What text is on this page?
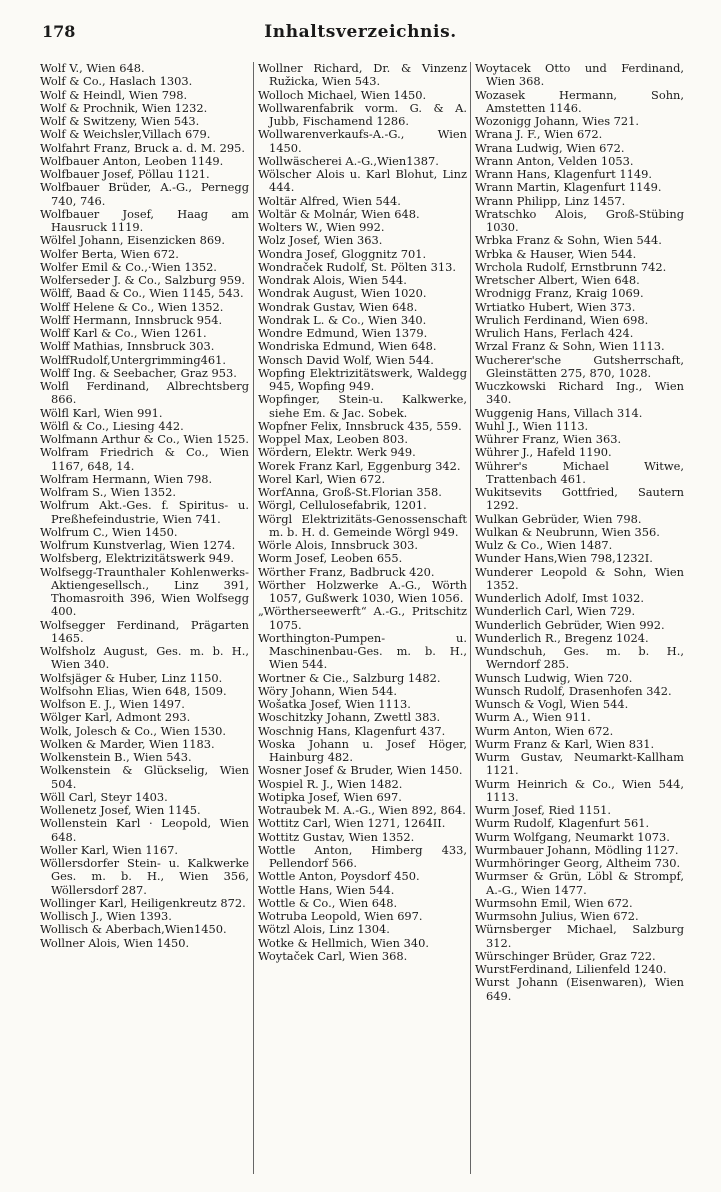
178	Inhaltsverzeichnis.
Wolf V., Wien 648.
Wolf & Co., Haslach 1303.
Wolf & Heindl, Wien 798.
Wolf & Prochnik, Wien 1232.
Wolf & Switzeny, Wien 543.
Wolf & Weichsler,Villach 679.
Wolfahrt Franz, Bruck a. d. M. 295.
Wolfbauer Anton, Leoben 1149.
Wolfbauer Josef, Pöllau 1121.
Wolfbauer Brüder, A.-G., Pernegg 740, 746.
Wolfbauer Josef, Haag am Hausruck 1119.
Wölfel Johann, Eisenzicken 869.
Wolfer Berta, Wien 672.
Wolfer Emil & Co.,·Wien 1352.
Wolferseder J. & Co., Salzburg 959.
Wölff, Baad & Co., Wien 1145, 543.
Wolff Helene & Co., Wien 1352.
Wolff Hermann, Innsbruck 954.
Wolff Karl & Co., Wien 1261.
Wolff Mathias, Innsbruck 303.
WolffRudolf,Untergrimming461.
Wolff Ing. & Seebacher, Graz 953.
Wolfl Ferdinand, Albrechtsberg 866.
Wölfl Karl, Wien 991.
Wölfl & Co., Liesing 442.
Wolfmann Arthur & Co., Wien 1525.
Wolfram Friedrich & Co., Wien 1167, 648, 14.
Wolfram Hermann, Wien 798.
Wolfram S., Wien 1352.
Wolfrum Akt.-Ges. f. Spiritus- u. Preßhefeindustrie, Wien 741.
Wolfrum C., Wien 1450.
Wolfrum Kunstverlag, Wien 1274.
Wolfsberg, Elektrizitätswerk 949.
Wolfsegg-Traunthaler Kohlenwerks-Aktiengesellsch., Linz 391, Thomasroith 396, Wien Wolfsegg 400.
Wolfsegger Ferdinand, Prägarten 1465.
Wolfsholz August, Ges. m. b. H., Wien 340.
Wolfsjäger & Huber, Linz 1150.
Wolfsohn Elias, Wien 648, 1509.
Wolfson E. J., Wien 1497.
Wölger Karl, Admont 293.
Wolk, Jolesch & Co., Wien 1530.
Wolken & Marder, Wien 1183.
Wolkenstein B., Wien 543.
Wolkenstein & Glückselig, Wien 504.
Wöll Carl, Steyr 1403.
Wollenetz Josef, Wien 1145.
Wollenstein Karl · Leopold, Wien 648.
Woller Karl, Wien 1167.
Wöllersdorfer Stein- u. Kalkwerke Ges. m. b. H., Wien 356, Wöllersdorf 287.
Wollinger Karl, Heiligenkreutz 872.
Wollisch J., Wien 1393.
Wollisch & Aberbach,Wien1450.
Wollner Alois, Wien 1450.
Wollner Richard, Dr. & Vinzenz Ružicka, Wien 543.
Wolloch Michael, Wien 1450.
Wollwarenfabrik vorm. G. & A. Jubb, Fischamend 1286.
Wollwarenverkaufs-A.-G., Wien 1450.
Wollwäscherei A.-G.,Wien1387.
Wölscher Alois u. Karl Blohut, Linz 444.
Woltär Alfred, Wien 544.
Woltär & Molnár, Wien 648.
Wolters W., Wien 992.
Wolz Josef, Wien 363.
Wondra Josef, Gloggnitz 701.
Wondraček Rudolf, St. Pölten 313.
Wondrak Alois, Wien 544.
Wondrak August, Wien 1020.
Wondrak Gustav, Wien 648.
Wondrak L. & Co., Wien 340.
Wondre Edmund, Wien 1379.
Wondriska Edmund, Wien 648.
Wonsch David Wolf, Wien 544.
Wopfing Elektrizitätswerk, Waldegg 945, Wopfing 949.
Wopfinger, Stein-u. Kalkwerke, siehe Em. & Jac. Sobek.
Wopfner Felix, Innsbruck 435, 559.
Woppel Max, Leoben 803.
Wördern, Elektr. Werk 949.
Worek Franz Karl, Eggenburg 342.
Worel Karl, Wien 672.
WorfAnna, Groß-St.Florian 358.
Wörgl, Cellulosefabrik, 1201.
Wörgl Elektrizitäts-Genossenschaft m. b. H. d. Gemeinde Wörgl 949.
Wörle Alois, Innsbruck 303.
Worm Josef, Leoben 655.
Wörther Franz, Badbruck 420.
Wörther Holzwerke A.-G., Wörth 1057, Gußwerk 1030, Wien 1056.
„Wörtherseewerft“ A.-G., Pritschitz 1075.
Worthington-Pumpen- u. Maschinenbau-Ges. m. b. H., Wien 544.
Wortner & Cie., Salzburg 1482.
Wöry Johann, Wien 544.
Wošatka Josef, Wien 1113.
Woschitzky Johann, Zwettl 383.
Woschnig Hans, Klagenfurt 437.
Woska Johann u. Josef Höger, Hainburg 482.
Wosner Josef & Bruder, Wien 1450.
Wospiel R. J., Wien 1482.
Wotipka Josef, Wien 697.
Wotraubek M. A.-G., Wien 892, 864.
Wottitz Carl, Wien 1271, 1264II.
Wottitz Gustav, Wien 1352.
Wottle Anton, Himberg 433, Pellendorf 566.
Wottle Anton, Poysdorf 450.
Wottle Hans, Wien 544.
Wottle & Co., Wien 648.
Wotruba Leopold, Wien 697.
Wötzl Alois, Linz 1304.
Wotke & Hellmich, Wien 340.
Woytaček Carl, Wien 368.
Woytacek Otto und Ferdinand, Wien 368.
Wozasek Hermann, Sohn, Amstetten 1146.
Wozonigg Johann, Wies 721.
Wrana J. F., Wien 672.
Wrana Ludwig, Wien 672.
Wrann Anton, Velden 1053.
Wrann Hans, Klagenfurt 1149.
Wrann Martin, Klagenfurt 1149.
Wrann Philipp, Linz 1457.
Wratschko Alois, Groß-Stübing 1030.
Wrbka Franz & Sohn, Wien 544.
Wrbka & Hauser, Wien 544.
Wrchola Rudolf, Ernstbrunn 742.
Wretscher Albert, Wien 648.
Wrodnigg Franz, Kraig 1069.
Wrtiatko Hubert, Wien 373.
Wrulich Ferdinand, Wien 698.
Wrulich Hans, Ferlach 424.
Wrzal Franz & Sohn, Wien 1113.
Wucherer'sche Gutsherrschaft, Gleinstätten 275, 870, 1028.
Wuczkowski Richard Ing., Wien 340.
Wuggenig Hans, Villach 314.
Wuhl J., Wien 1113.
Wührer Franz, Wien 363.
Wührer J., Hafeld 1190.
Wührer's Michael Witwe, Trattenbach 461.
Wukitsevits Gottfried, Sautern 1292.
Wulkan Gebrüder, Wien 798.
Wulkan & Neubrunn, Wien 356.
Wulz & Co., Wien 1487.
Wunder Hans,Wien 798,1232I.
Wunderer Leopold & Sohn, Wien 1352.
Wunderlich Adolf, Imst 1032.
Wunderlich Carl, Wien 729.
Wunderlich Gebrüder, Wien 992.
Wunderlich R., Bregenz 1024.
Wundschuh, Ges. m. b. H., Werndorf 285.
Wunsch Ludwig, Wien 720.
Wunsch Rudolf, Drasenhofen 342.
Wunsch & Vogl, Wien 544.
Wurm A., Wien 911.
Wurm Anton, Wien 672.
Wurm Franz & Karl, Wien 831.
Wurm Gustav, Neumarkt-Kallham 1121.
Wurm Heinrich & Co., Wien 544, 1113.
Wurm Josef, Ried 1151.
Wurm Rudolf, Klagenfurt 561.
Wurm Wolfgang, Neumarkt 1073.
Wurmbauer Johann, Mödling 1127.
Wurmhöringer Georg, Altheim 730.
Wurmser & Grün, Löbl & Strompf, A.-G., Wien 1477.
Wurmsohn Emil, Wien 672.
Wurmsohn Julius, Wien 672.
Würnsberger Michael, Salzburg 312.
Würschinger Brüder, Graz 722.
WurstFerdinand, Lilienfeld 1240.
Wurst Johann (Eisenwaren), Wien 649.
